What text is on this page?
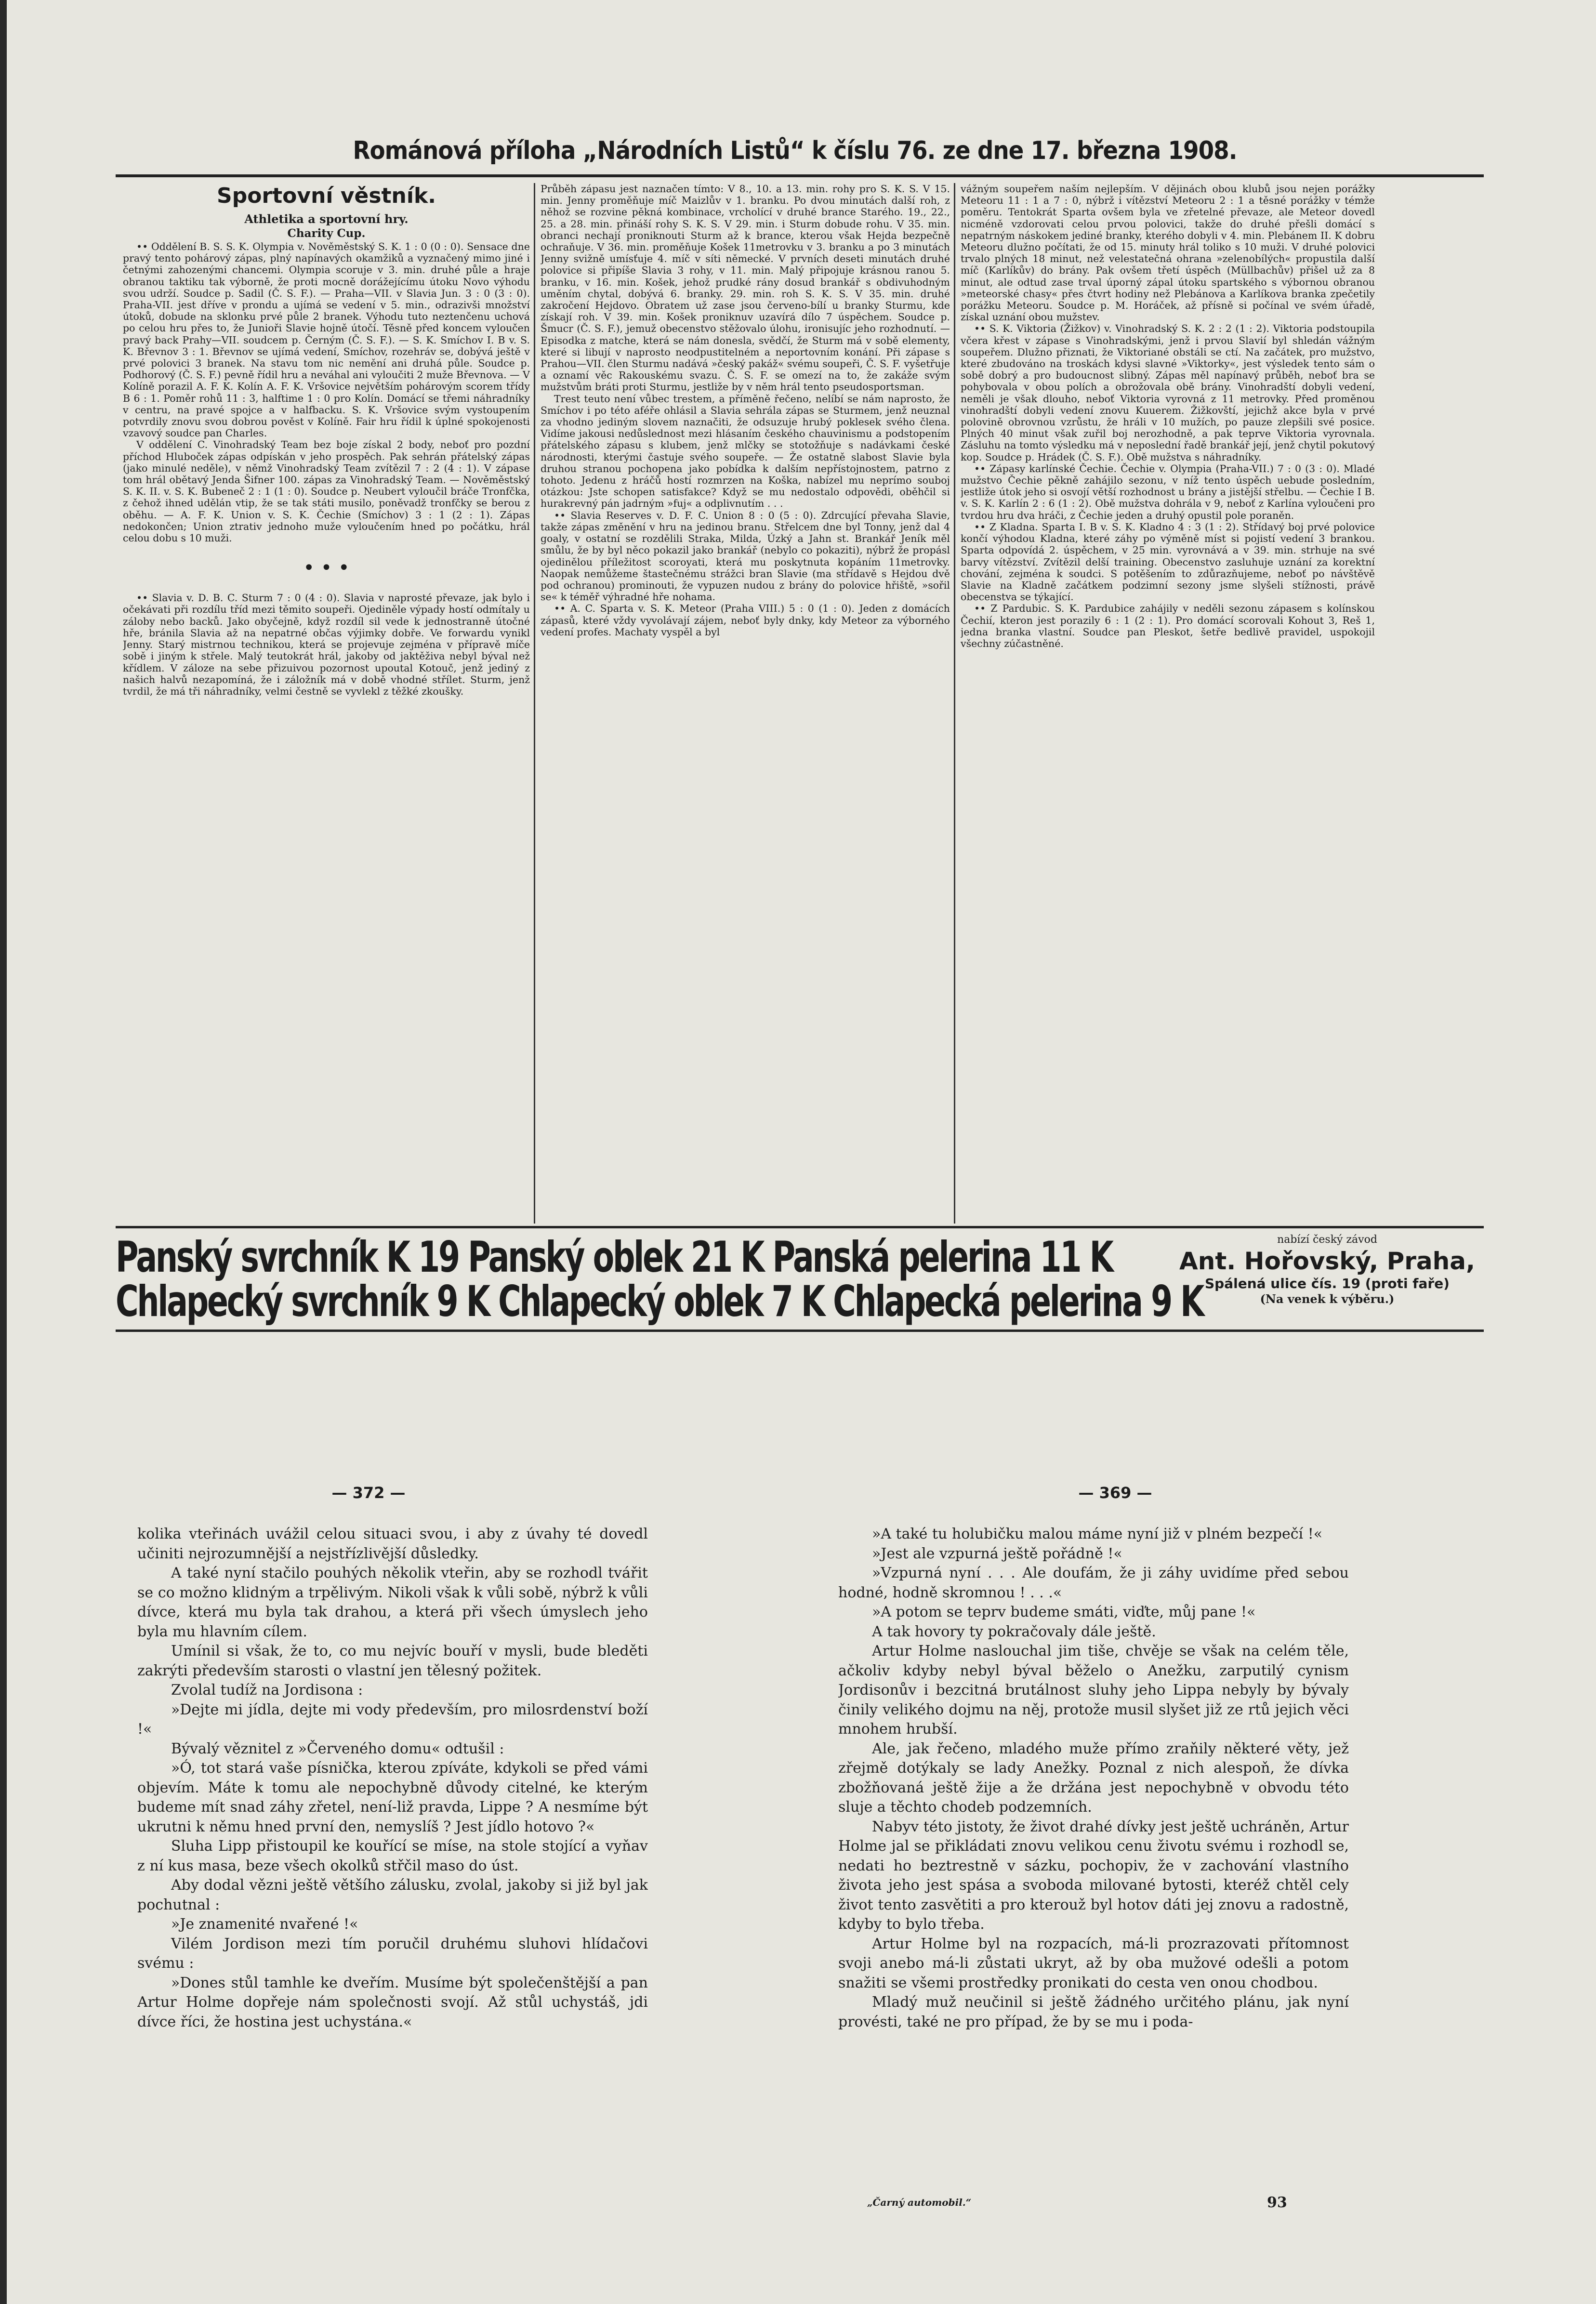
Románová příloha „Národních Listů“ k číslu 76. ze dne 17. března 1908.

Sportovní věstník.

Athletika a sportovní hry.

Charity Cup.

•• Oddělení B. S. S. K. Olympia v. Nověměstský S. K. 1 : 0 (0 : 0). Sensace dne pravý tento pohárový zápas, plný napínavých okamžiků a vyznačený mimo jiné i četnými zahozenými chancemi. Olympia scoruje v 3. min. druhé půle a hraje obranou taktiku tak výborně, že proti mocně dorážejícímu útoku Novo výhodu svou udrží. Soudce p. Sadil (Č. S. F.). — Praha—VII. v Slavia Jun. 3 : 0 (3 : 0). Praha-VII. jest dříve v prondu a ujímá se vedení v 5. min., odrazivši množství útoků, dobude na sklonku prvé půle 2 branek. Výhodu tuto neztenčenu uchová po celou hru přes to, že Junioři Slavie hojně útočí. Těsně před koncem vyloučen pravý back Prahy—VII. soudcem p. Černým (Č. S. F.). — S. K. Smíchov I. B v. S. K. Břevnov 3 : 1. Břevnov se ujímá vedení, Smíchov, rozehráv se, dobývá ještě v prvé polovici 3 branek. Na stavu tom nic nemění ani druhá půle. Soudce p. Podhorový (Č. S. F.) pevně řídil hru a neváhal ani vyloučiti 2 muže Břevnova. — V Kolíně porazil A. F. K. Kolín A. F. K. Vršovice největším pohárovým scorem třídy B 6 : 1. Poměr rohů 11 : 3, halftime 1 : 0 pro Kolín. Domácí se třemi náhradníky v centru, na pravé spojce a v halfbacku. S. K. Vršovice svým vystoupením potvrdily znovu svou dobrou pověst v Kolíně. Fair hru řídil k úplné spokojenosti vzavový soudce pan Charles.

V oddělení C. Vinohradský Team bez boje získal 2 body, neboť pro pozdní příchod Hluboček zápas odpískán v jeho prospěch. Pak sehrán přátelský zápas (jako minulé neděle), v němž Vinohradský Team zvítězil 7 : 2 (4 : 1). V zápase tom hrál obětavý Jenda Šifner 100. zápas za Vinohradský Team. — Nověměstský S. K. II. v. S. K. Bubeneč 2 : 1 (1 : 0). Soudce p. Neubert vyloučil bráče Tronfčka, z čehož ihned udělán vtip, že se tak státi musilo, poněvadž tronfčky se berou z oběhu. — A. F. K. Union v. S. K. Čechie (Smíchov) 3 : 1 (2 : 1). Zápas nedokončen; Union ztrativ jednoho muže vyloučením hned po počátku, hrál celou dobu s 10 muži.

• • •

•• Slavia v. D. B. C. Sturm 7 : 0 (4 : 0). Slavia v naprosté převaze, jak bylo i očekávati při rozdílu tříd mezi těmito soupeři. Ojediněle výpady hostí odmítaly u záloby nebo backů. Jako obyčejně, když rozdíl sil vede k jednostranně útočné hře, bránila Slavia až na nepatrné občas výjimky dobře. Ve forwardu vynikl Jenny. Starý mistrnou technikou, která se projevuje zejména v přípravě míče sobě i jiným k střele. Malý teutokrát hrál, jakoby od jaktěživa nebyl býval než křídlem. V záloze na sebe přizuivou pozornost upoutal Kotouč, jenž jediný z našich halvů nezapomíná, že i záložník má v době vhodné střílet. Sturm, jenž tvrdil, že má tři náhradníky, velmi čestně se vyvlekl z těžké zkoušky.

Průběh zápasu jest naznačen tímto: V 8., 10. a 13. min. rohy pro S. K. S. V 15. min. Jenny proměňuje míč Maizlův v 1. branku. Po dvou minutách další roh, z něhož se rozvine pěkná kombinace, vrcholící v druhé brance Starého. 19., 22., 25. a 28. min. přináší rohy S. K. S. V 29. min. i Sturm dobude rohu. V 35. min. obranci nechají proniknouti Sturm až k brance, kterou však Hejda bezpečně ochraňuje. V 36. min. proměňuje Košek 11metrovku v 3. branku a po 3 minutách Jenny svižně umísťuje 4. míč v síti německé. V prvních deseti minutách druhé polovice si připíše Slavia 3 rohy, v 11. min. Malý připojuje krásnou ranou 5. branku, v 16. min. Košek, jehož prudké rány dosud brankář s obdivuhodným uměním chytal, dobývá 6. branky. 29. min. roh S. K. S. V 35. min. druhé zakročení Hejdovo. Obratem už zase jsou červeno-bílí u branky Sturmu, kde získají roh. V 39. min. Košek proniknuv uzavírá dílo 7 úspěchem. Soudce p. Šmucr (Č. S. F.), jemuž obecenstvo stěžovalo úlohu, ironisujíc jeho rozhodnutí. — Episodka z matche, která se nám donesla, svědčí, že Sturm má v sobě elementy, které si libují v naprosto neodpustitelném a neportovním konání. Při zápase s Prahou—VII. člen Sturmu nadává »český pakáž« svému soupeři, Č. S. F. vyšetřuje a oznamí věc Rakouskému svazu. Č. S. F. se omezí na to, že zakáže svým mužstvům bráti proti Sturmu, jestliže by v něm hrál tento pseudosportsman.

Trest teuto není vůbec trestem, a příměně řečeno, nelíbí se nám naprosto, že Smíchov i po této aféře ohlásil a Slavia sehrála zápas se Sturmem, jenž neuznal za vhodno jediným slovem naznačiti, že odsuzuje hrubý poklesek svého člena. Vidíme jakousi nedůslednost mezi hlásaním českého chauvinismu a podstopením přátelského zápasu s klubem, jenž mlčky se stotožňuje s nadávkami české národnosti, kterými častuje svého soupeře. — Že ostatně slabost Slavie byla druhou stranou pochopena jako pobídka k dalším nepřístojnostem, patrno z tohoto. Jedenu z hráčů hostí rozmrzen na Koška, nabízel mu neprímo souboj otázkou: Jste schopen satisfakce? Když se mu nedostalo odpovědi, oběhčil si hurakrevný pán jadrným »fuj« a odplivnutím . . .

•• Slavia Reserves v. D. F. C. Union 8 : 0 (5 : 0). Zdrcující převaha Slavie, takže zápas změnění v hru na jedinou branu. Střelcem dne byl Tonny, jenž dal 4 goaly, v ostatní se rozdělili Straka, Milda, Úzký a Jahn st. Brankář Jeník měl smůlu, že by byl něco pokazil jako brankář (nebylo co pokaziti), nýbrž že propásl ojedinělou příležitost scoroyati, která mu poskytnuta kopáním 11metrovky. Naopak nemůžeme štastečnému strážci bran Slavie (ma střídavě s Hejdou dvě pod ochranou) prominouti, že vypuzen nudou z brány do polovice hřiště, »sořil se« k téměř výhradné hře nohama.

•• A. C. Sparta v. S. K. Meteor (Praha VIII.) 5 : 0 (1 : 0). Jeden z domácích zápasů, které vždy vyvolávají zájem, neboť byly dnky, kdy Meteor za výborného vedení profes. Machaty vyspěl a byl

vážným soupeřem naším nejlepším. V dějinách obou klubů jsou nejen porážky Meteoru 11 : 1 a 7 : 0, nýbrž i vítězství Meteoru 2 : 1 a těsné porážky v témže poměru. Tentokrát Sparta ovšem byla ve zřetelné převaze, ale Meteor dovedl nicméně vzdorovati celou prvou polovici, takže do druhé přešli domácí s nepatrným náskokem jediné branky, kterého dobyli v 4. min. Plebánem II. K dobru Meteoru dlužno počítati, že od 15. minuty hrál toliko s 10 muži. V druhé polovici trvalo plných 18 minut, než velestatečná ohrana »zelenobílých« propustila další míč (Karlíkův) do brány. Pak ovšem třetí úspěch (Müllbachův) přišel už za 8 minut, ale odtud zase trval úporný zápal útoku spartského s výbornou obranou »meteorské chasy« přes čtvrt hodiny než Plebánova a Karlíkova branka zpečetily porážku Meteoru. Soudce p. M. Horáček, až přísně si počínal ve svém úřadě, získal uznání obou mužstev.

•• S. K. Viktoria (Žižkov) v. Vinohradský S. K. 2 : 2 (1 : 2). Viktoria podstoupila včera křest v zápase s Vinohradskými, jenž i prvou Slavií byl shledán vážným soupeřem. Dlužno přiznati, že Viktoriané obstáli se ctí. Na začátek, pro mužstvo, které zbudováno na troskách kdysi slavné »Viktorky«, jest výsledek tento sám o sobě dobrý a pro budoucnost slibný. Zápas měl napínavý průběh, neboť bra se pohybovala v obou polích a obrožovala obě brány. Vinohradští dobyli vedení, neměli je však dlouho, neboť Viktoria vyrovná z 11 metrovky. Před proměnou vinohradští dobyli vedení znovu Kuuerem. Žižkovští, jejichž akce byla v prvé polovině obrovnou vzrůstu, že hráli v 10 mužích, po pauze zlepšili své posice. Plných 40 minut však zuřil boj nerozhodně, a pak teprve Viktoria vyrovnala. Zásluhu na tomto výsledku má v neposlední řadě brankář její, jenž chytil pokutový kop. Soudce p. Hrádek (Č. S. F.). Obě mužstva s náhradníky.

•• Zápasy karlínské Čechie. Čechie v. Olympia (Praha-VII.) 7 : 0 (3 : 0). Mladé mužstvo Čechie pěkně zahájilo sezonu, v níž tento úspěch uebude posledním, jestliže útok jeho si osvojí větší rozhodnost u brány a jistější střelbu. — Čechie I B. v. S. K. Karlín 2 : 6 (1 : 2). Obě mužstva dohrála v 9, neboť z Karlína vyloučeni pro tvrdou hru dva hráči, z Čechie jeden a druhý opustil pole poraněn.

•• Z Kladna. Sparta I. B v. S. K. Kladno 4 : 3 (1 : 2). Střídavý boj prvé polovice končí výhodou Kladna, které záhy po výměně míst si pojistí vedení 3 brankou. Sparta odpovídá 2. úspěchem, v 25 min. vyrovnává a v 39. min. strhuje na své barvy vítězství. Zvítězil delší training. Obecenstvo zasluhuje uznání za korektní chování, zejména k soudci. S potěšením to zdůrazňujeme, neboť po návštěvě Slavie na Kladně začátkem podzimní sezony jsme slyšeli stížnosti, právě obecenstva se týkající.

•• Z Pardubic. S. K. Pardubice zahájily v neděli sezonu zápasem s kolínskou Čechií, kteron jest porazily 6 : 1 (2 : 1). Pro domácí scorovali Kohout 3, Reš 1, jedna branka vlastní. Soudce pan Pleskot, šetře bedlivě pravidel, uspokojil všechny zúčastněné.

Panský svrchník K 19 Panský oblek 21 K Panská pelerina 11 K
Chlapecký svrchník 9 K Chlapecký oblek 7 K Chlapecká pelerina 9 K
nabízí český závod
Ant. Hořovský, Praha,
Spálená ulice čís. 19 (proti faře)
(Na venek k výběru.)
— 372 —	— 369 —

kolika vteřinách uvážil celou situaci svou, i aby z úvahy té dovedl učiniti nejrozumnější a nejstřízlivější důsledky.

A také nyní stačilo pouhých několik vteřin, aby se rozhodl tvářit se co možno klidným a trpělivým. Nikoli však k vůli sobě, nýbrž k vůli dívce, která mu byla tak drahou, a která při všech úmyslech jeho byla mu hlavním cílem.

Umínil si však, že to, co mu nejvíc bouří v mysli, bude bleděti zakrýti především starosti o vlastní jen tělesný požitek.

Zvolal tudíž na Jordisona :

»Dejte mi jídla, dejte mi vody především, pro milosrdenství boží !«

Bývalý věznitel z »Červeného domu« odtušil :

»Ó, tot stará vaše písnička, kterou zpíváte, kdykoli se před vámi objevím. Máte k tomu ale nepochybně důvody citelné, ke kterým budeme mít snad záhy zřetel, není-liž pravda, Lippe ? A nesmíme být ukrutni k němu hned první den, nemyslíš ? Jest jídlo hotovo ?«

Sluha Lipp přistoupil ke kouřící se míse, na stole stojící a vyňav z ní kus masa, beze všech okolků střčil maso do úst.

Aby dodal vězni ještě většího zálusku, zvolal, jakoby si již byl jak pochutnal :

»Je znamenité nvařené !«

Vilém Jordison mezi tím poručil druhému sluhovi hlídačovi svému :

»Dones stůl tamhle ke dveřím. Musíme být společenštější a pan Artur Holme dopřeje nám společnosti svojí. Až stůl uchystáš, jdi dívce říci, že hostina jest uchystána.«

»A také tu holubičku malou máme nyní již v plném bezpečí !«

»Jest ale vzpurná ještě pořádně !«

»Vzpurná nyní . . . Ale doufám, že ji záhy uvidíme před sebou hodné, hodně skromnou ! . . .«

»A potom se teprv budeme smáti, viďte, můj pane !«

A tak hovory ty pokračovaly dále ještě.

Artur Holme naslouchal jim tiše, chvěje se však na celém těle, ačkoliv kdyby nebyl býval běželo o Anežku, zarputilý cynism Jordisonův i bezcitná brutálnost sluhy jeho Lippa nebyly by bývaly činily velikého dojmu na něj, protože musil slyšet již ze rtů jejich věci mnohem hrubší.

Ale, jak řečeno, mladého muže přímo zraňily některé věty, jež zřejmě dotýkaly se lady Anežky. Poznal z nich alespoň, že dívka zbožňovaná ještě žije a že držána jest nepochybně v obvodu této sluje a těchto chodeb podzemních.

Nabyv této jistoty, že život drahé dívky jest ještě uchráněn, Artur Holme jal se přikládati znovu velikou cenu životu svému i rozhodl se, nedati ho beztrestně v sázku, pochopiv, že v zachování vlastního života jeho jest spása a svoboda milované bytosti, kteréž chtěl cely život tento zasvětiti a pro kterouž byl hotov dáti jej znovu a radostně, kdyby to bylo třeba.

Artur Holme byl na rozpacích, má-li prozrazovati přítomnost svoji anebo má-li zůstati ukryt, až by oba mužové odešli a potom snažiti se všemi prostředky pronikati do cesta ven onou chodbou.

Mladý muž neučinil si ještě žádného určitého plánu, jak nyní provésti, také ne pro případ, že by se mu i poda-

„Čarný automobil.“	93
